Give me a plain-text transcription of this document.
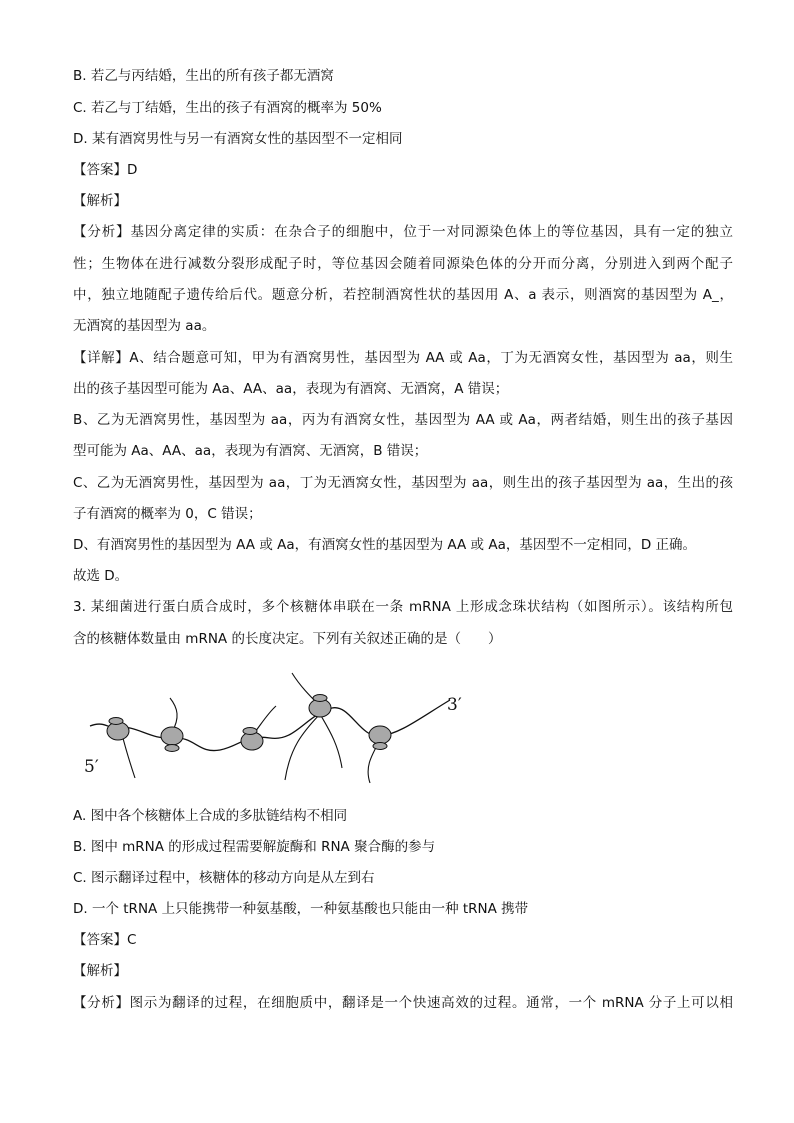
B. 若乙与丙结婚，生出的所有孩子都无酒窝
C. 若乙与丁结婚，生出的孩子有酒窝的概率为 50%
D. 某有酒窝男性与另一有酒窝女性的基因型不一定相同
【答案】D
【解析】
【分析】基因分离定律的实质：在杂合子的细胞中，位于一对同源染色体上的等位基因，具有一定的独立
性；生物体在进行减数分裂形成配子时，等位基因会随着同源染色体的分开而分离，分别进入到两个配子
中，独立地随配子遗传给后代。题意分析，若控制酒窝性状的基因用 A、a 表示，则酒窝的基因型为 A_，
无酒窝的基因型为 aa。
【详解】A、结合题意可知，甲为有酒窝男性，基因型为 AA 或 Aa，丁为无酒窝女性，基因型为 aa，则生
出的孩子基因型可能为 Aa、AA、aa，表现为有酒窝、无酒窝，A 错误；
B、乙为无酒窝男性，基因型为 aa，丙为有酒窝女性，基因型为 AA 或 Aa，两者结婚，则生出的孩子基因
型可能为 Aa、AA、aa，表现为有酒窝、无酒窝，B 错误；
C、乙为无酒窝男性，基因型为 aa，丁为无酒窝女性，基因型为 aa，则生出的孩子基因型为 aa，生出的孩
子有酒窝的概率为 0，C 错误；
D、有酒窝男性的基因型为 AA 或 Aa，有酒窝女性的基因型为 AA 或 Aa，基因型不一定相同，D 正确。
故选 D。
3. 某细菌进行蛋白质合成时，多个核糖体串联在一条 mRNA 上形成念珠状结构（如图所示）。该结构所包
含的核糖体数量由 mRNA 的长度决定。下列有关叙述正确的是（　　）
5′
3′
A. 图中各个核糖体上合成的多肽链结构不相同
B. 图中 mRNA 的形成过程需要解旋酶和 RNA 聚合酶的参与
C. 图示翻译过程中，核糖体的移动方向是从左到右
D. 一个 tRNA 上只能携带一种氨基酸，一种氨基酸也只能由一种 tRNA 携带
【答案】C
【解析】
【分析】图示为翻译的过程，在细胞质中，翻译是一个快速高效的过程。通常，一个 mRNA 分子上可以相
